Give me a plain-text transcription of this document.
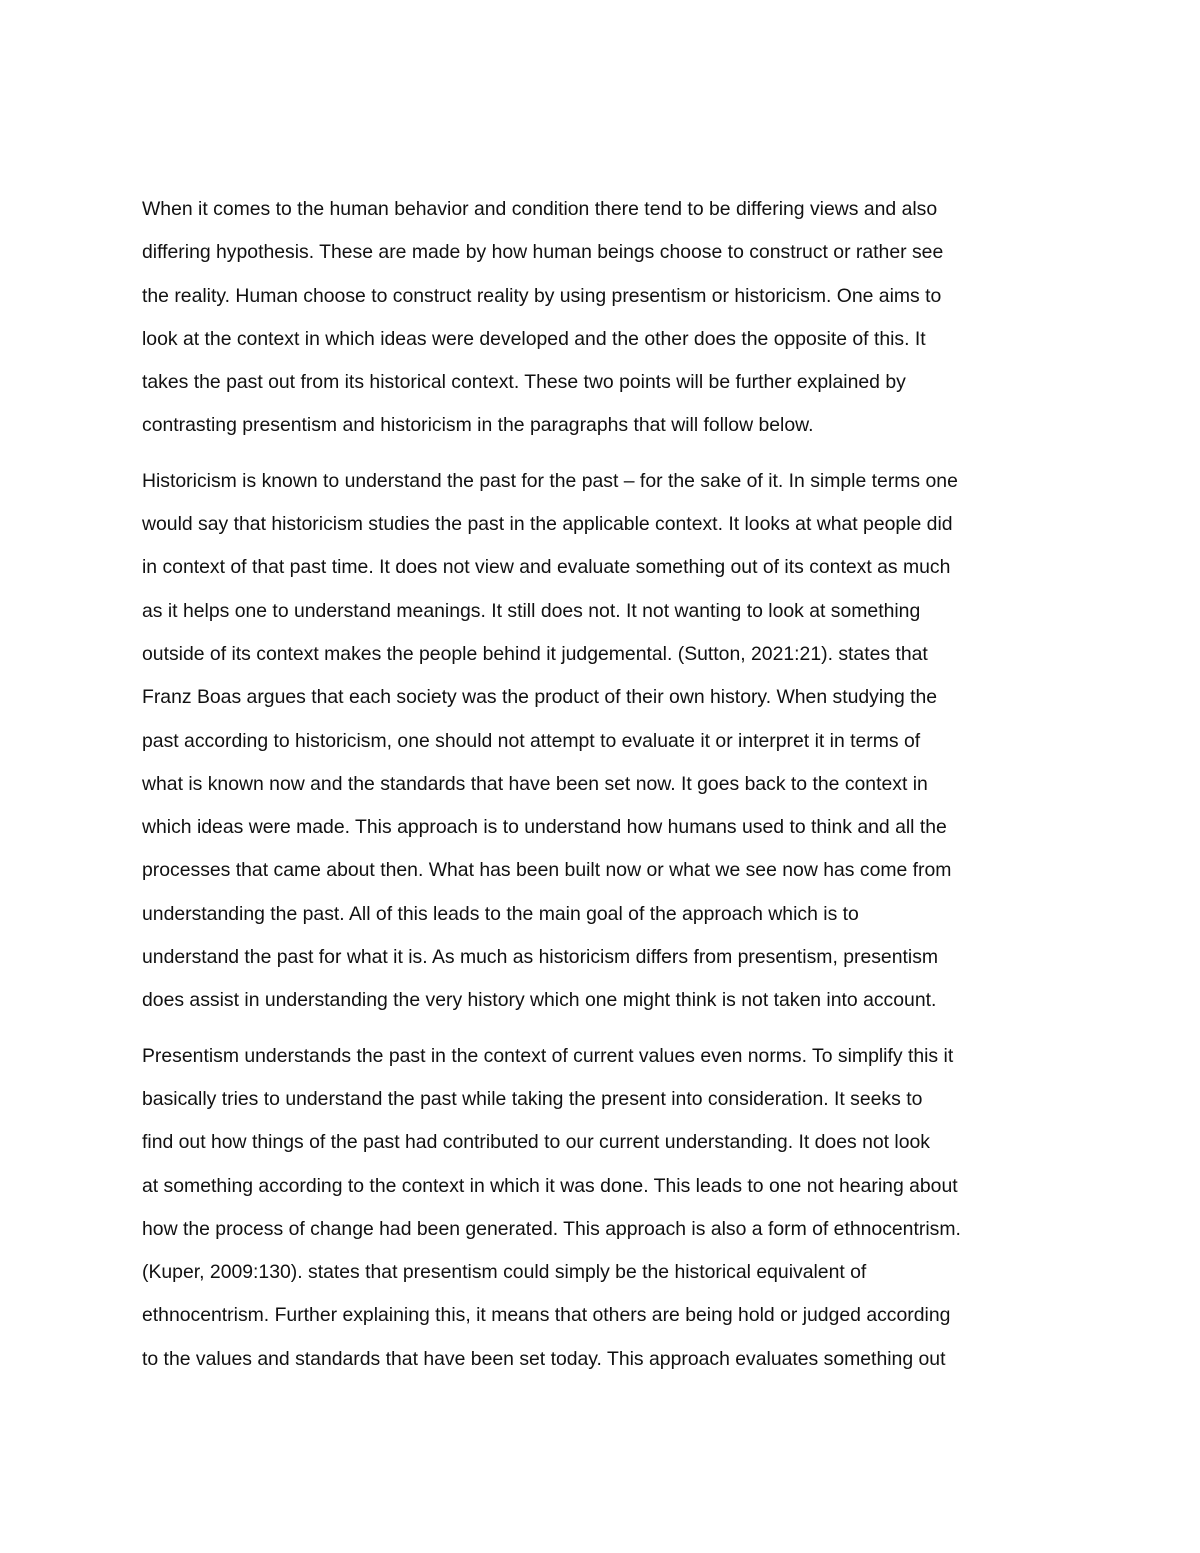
When it comes to the human behavior and condition there tend to be differing views and also
differing hypothesis. These are made by how human beings choose to construct or rather see
the reality. Human choose to construct reality by using presentism or historicism. One aims to
look at the context in which ideas were developed and the other does the opposite of this. It
takes the past out from its historical context. These two points will be further explained by
contrasting presentism and historicism in the paragraphs that will follow below.
Historicism is known to understand the past for the past – for the sake of it. In simple terms one
would say that historicism studies the past in the applicable context. It looks at what people did
in context of that past time. It does not view and evaluate something out of its context as much
as it helps one to understand meanings. It still does not. It not wanting to look at something
outside of its context makes the people behind it judgemental. (Sutton, 2021:21). states that
Franz Boas argues that each society was the product of their own history. When studying the
past according to historicism, one should not attempt to evaluate it or interpret it in terms of
what is known now and the standards that have been set now. It goes back to the context in
which ideas were made. This approach is to understand how humans used to think and all the
processes that came about then. What has been built now or what we see now has come from
understanding the past. All of this leads to the main goal of the approach which is to
understand the past for what it is. As much as historicism differs from presentism, presentism
does assist in understanding the very history which one might think is not taken into account.
Presentism understands the past in the context of current values even norms. To simplify this it
basically tries to understand the past while taking the present into consideration. It seeks to
find out how things of the past had contributed to our current understanding. It does not look
at something according to the context in which it was done. This leads to one not hearing about
how the process of change had been generated. This approach is also a form of ethnocentrism.
(Kuper, 2009:130). states that presentism could simply be the historical equivalent of
ethnocentrism. Further explaining this, it means that others are being hold or judged according
to the values and standards that have been set today. This approach evaluates something out
